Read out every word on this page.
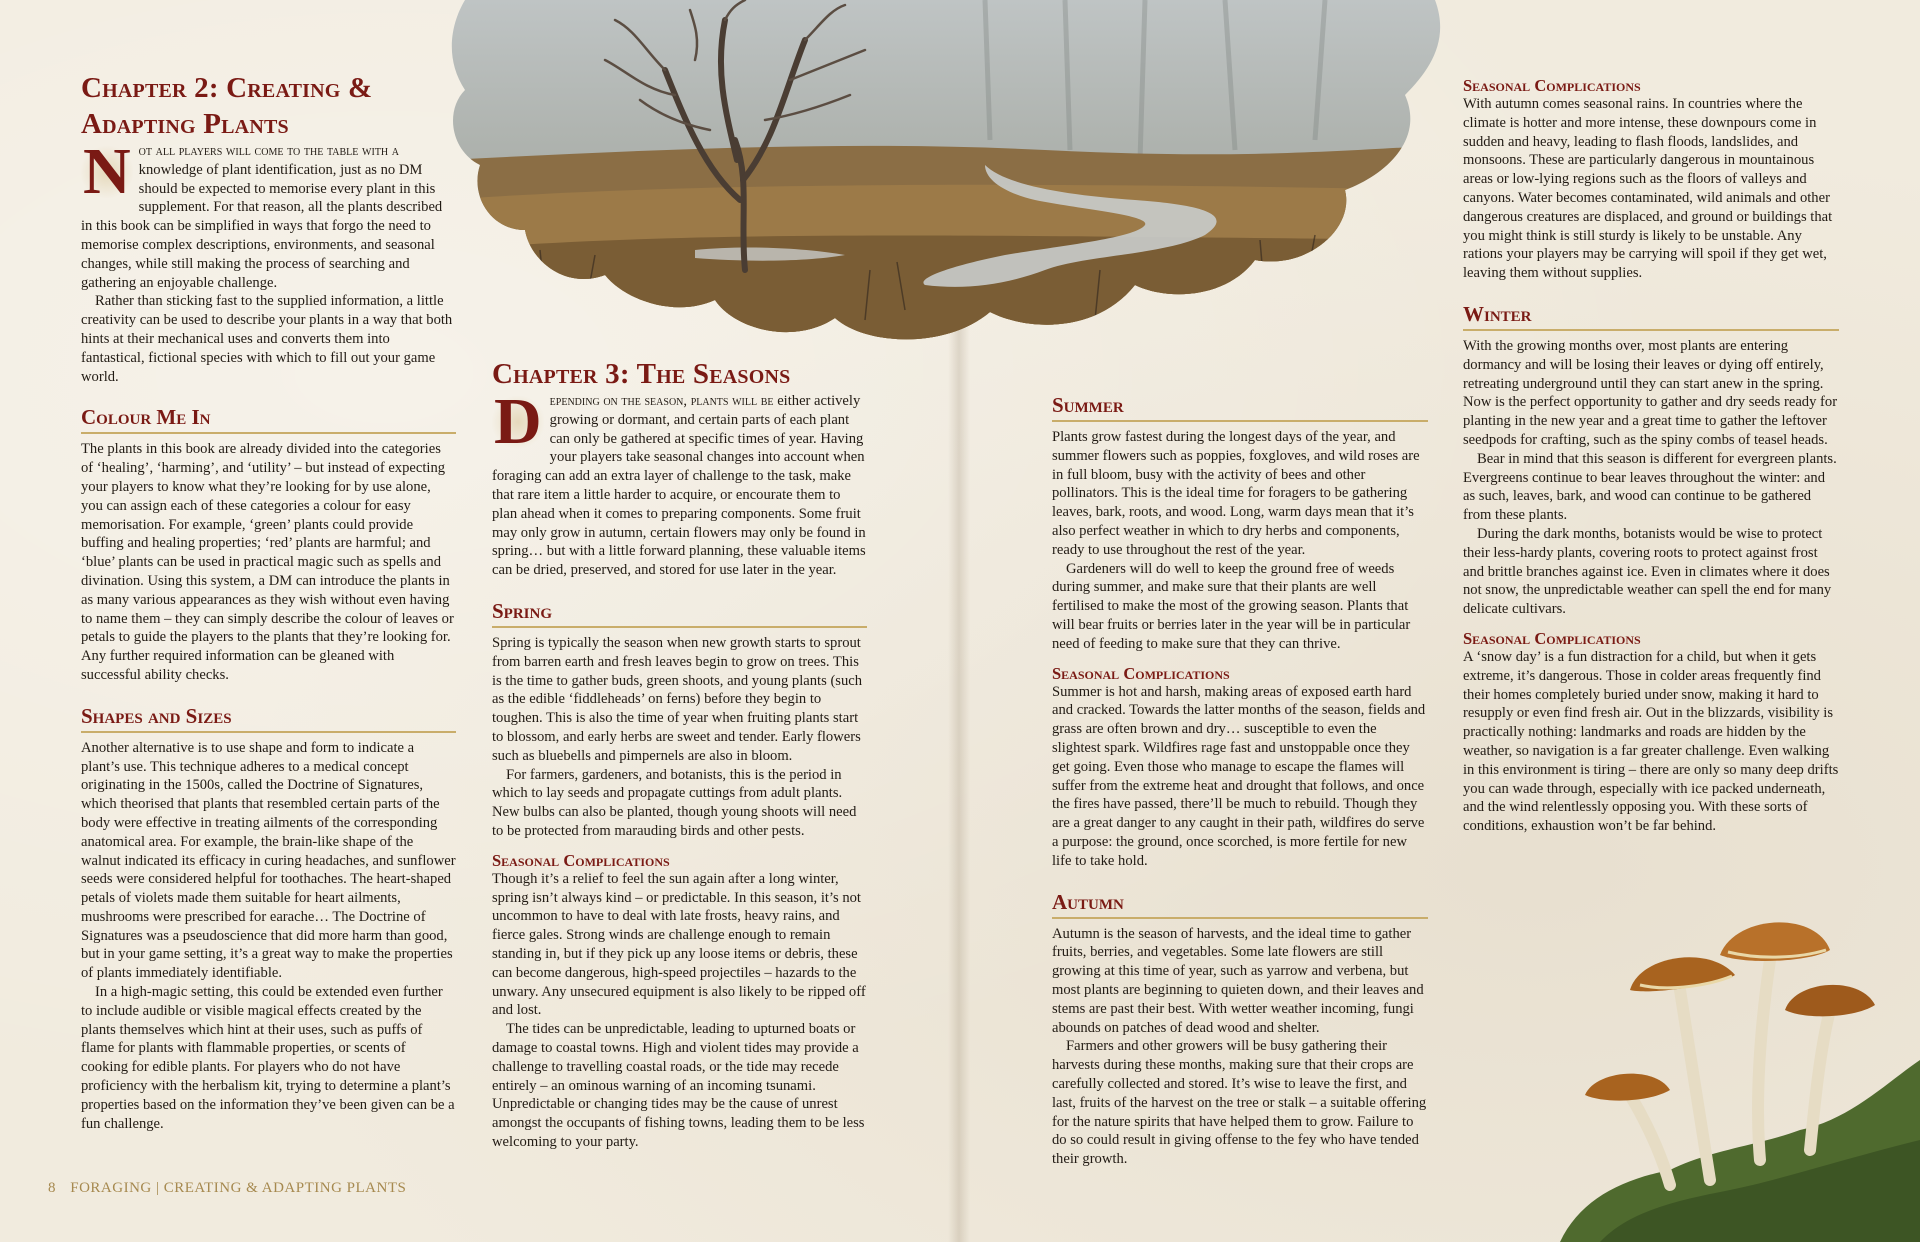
Chapter 2: Creating & Adapting Plants

N ot all players will come to the table with a knowledge of plant identification, just as no DM should be expected to memorise every plant in this supplement. For that reason, all the plants described in this book can be simplified in ways that forgo the need to memorise complex descriptions, environments, and seasonal changes, while still making the process of searching and gathering an enjoyable challenge.

Rather than sticking fast to the supplied information, a little creativity can be used to describe your plants in a way that both hints at their mechanical uses and converts them into fantastical, fictional species with which to fill out your game world.

Colour Me In

The plants in this book are already divided into the categories of ‘healing’, ‘harming’, and ‘utility’ – but instead of expecting your players to know what they’re looking for by use alone, you can assign each of these categories a colour for easy memorisation. For example, ‘green’ plants could provide buffing and healing properties; ‘red’ plants are harmful; and ‘blue’ plants can be used in practical magic such as spells and divination. Using this system, a DM can introduce the plants in as many various appearances as they wish without even having to name them – they can simply describe the colour of leaves or petals to guide the players to the plants that they’re looking for. Any further required information can be gleaned with successful ability checks.

Shapes and Sizes

Another alternative is to use shape and form to indicate a plant’s use. This technique adheres to a medical concept originating in the 1500s, called the Doctrine of Signatures, which theorised that plants that resembled certain parts of the body were effective in treating ailments of the corresponding anatomical area. For example, the brain-like shape of the walnut indicated its efficacy in curing headaches, and sunflower seeds were considered helpful for toothaches. The heart-shaped petals of violets made them suitable for heart ailments, mushrooms were prescribed for earache… The Doctrine of Signatures was a pseudoscience that did more harm than good, but in your game setting, it’s a great way to make the properties of plants immediately identifiable.

In a high-magic setting, this could be extended even further to include audible or visible magical effects created by the plants themselves which hint at their uses, such as puffs of flame for plants with flammable properties, or scents of cooking for edible plants. For players who do not have proficiency with the herbalism kit, trying to determine a plant’s properties based on the information they’ve been given can be a fun challenge.

Chapter 3: The Seasons

D epending on the season, plants will be either actively growing or dormant, and certain parts of each plant can only be gathered at specific times of year. Having your players take seasonal changes into account when foraging can add an extra layer of challenge to the task, make that rare item a little harder to acquire, or encourate them to plan ahead when it comes to preparing components. Some fruit may only grow in autumn, certain flowers may only be found in spring… but with a little forward planning, these valuable items can be dried, preserved, and stored for use later in the year.

Spring

Spring is typically the season when new growth starts to sprout from barren earth and fresh leaves begin to grow on trees. This is the time to gather buds, green shoots, and young plants (such as the edible ‘fiddleheads’ on ferns) before they begin to toughen. This is also the time of year when fruiting plants start to blossom, and early herbs are sweet and tender. Early flowers such as bluebells and pimpernels are also in bloom.

For farmers, gardeners, and botanists, this is the period in which to lay seeds and propagate cuttings from adult plants. New bulbs can also be planted, though young shoots will need to be protected from marauding birds and other pests.

Seasonal Complications

Though it’s a relief to feel the sun again after a long winter, spring isn’t always kind – or predictable. In this season, it’s not uncommon to have to deal with late frosts, heavy rains, and fierce gales. Strong winds are challenge enough to remain standing in, but if they pick up any loose items or debris, these can become dangerous, high-speed projectiles – hazards to the unwary. Any unsecured equipment is also likely to be ripped off and lost.

The tides can be unpredictable, leading to upturned boats or damage to coastal towns. High and violent tides may provide a challenge to travelling coastal roads, or the tide may recede entirely – an ominous warning of an incoming tsunami. Unpredictable or changing tides may be the cause of unrest amongst the occupants of fishing towns, leading them to be less welcoming to your party.

Summer

Plants grow fastest during the longest days of the year, and summer flowers such as poppies, foxgloves, and wild roses are in full bloom, busy with the activity of bees and other pollinators. This is the ideal time for foragers to be gathering leaves, bark, roots, and wood. Long, warm days mean that it’s also perfect weather in which to dry herbs and components, ready to use throughout the rest of the year.

Gardeners will do well to keep the ground free of weeds during summer, and make sure that their plants are well fertilised to make the most of the growing season. Plants that will bear fruits or berries later in the year will be in particular need of feeding to make sure that they can thrive.

Seasonal Complications

Summer is hot and harsh, making areas of exposed earth hard and cracked. Towards the latter months of the season, fields and grass are often brown and dry… susceptible to even the slightest spark. Wildfires rage fast and unstoppable once they get going. Even those who manage to escape the flames will suffer from the extreme heat and drought that follows, and once the fires have passed, there’ll be much to rebuild. Though they are a great danger to any caught in their path, wildfires do serve a purpose: the ground, once scorched, is more fertile for new life to take hold.

Autumn

Autumn is the season of harvests, and the ideal time to gather fruits, berries, and vegetables. Some late flowers are still growing at this time of year, such as yarrow and verbena, but most plants are beginning to quieten down, and their leaves and stems are past their best. With wetter weather incoming, fungi abounds on patches of dead wood and shelter.

Farmers and other growers will be busy gathering their harvests during these months, making sure that their crops are carefully collected and stored. It’s wise to leave the first, and last, fruits of the harvest on the tree or stalk – a suitable offering for the nature spirits that have helped them to grow. Failure to do so could result in giving offense to the fey who have tended their growth.

Seasonal Complications

With autumn comes seasonal rains. In countries where the climate is hotter and more intense, these downpours come in sudden and heavy, leading to flash floods, landslides, and monsoons. These are particularly dangerous in mountainous areas or low-lying regions such as the floors of valleys and canyons. Water becomes contaminated, wild animals and other dangerous creatures are displaced, and ground or buildings that you might think is still sturdy is likely to be unstable. Any rations your players may be carrying will spoil if they get wet, leaving them without supplies.

Winter

With the growing months over, most plants are entering dormancy and will be losing their leaves or dying off entirely, retreating underground until they can start anew in the spring. Now is the perfect opportunity to gather and dry seeds ready for planting in the new year and a great time to gather the leftover seedpods for crafting, such as the spiny combs of teasel heads.

Bear in mind that this season is different for evergreen plants. Evergreens continue to bear leaves throughout the winter: and as such, leaves, bark, and wood can continue to be gathered from these plants.

During the dark months, botanists would be wise to protect their less-hardy plants, covering roots to protect against frost and brittle branches against ice. Even in climates where it does not snow, the unpredictable weather can spell the end for many delicate cultivars.

Seasonal Complications

A ‘snow day’ is a fun distraction for a child, but when it gets extreme, it’s dangerous. Those in colder areas frequently find their homes completely buried under snow, making it hard to resupply or even find fresh air. Out in the blizzards, visibility is practically nothing: landmarks and roads are hidden by the weather, so navigation is a far greater challenge. Even walking in this environment is tiring – there are only so many deep drifts you can wade through, especially with ice packed underneath, and the wind relentlessly opposing you. With these sorts of conditions, exhaustion won’t be far behind.

8 FORAGING | CREATING & ADAPTING PLANTS
